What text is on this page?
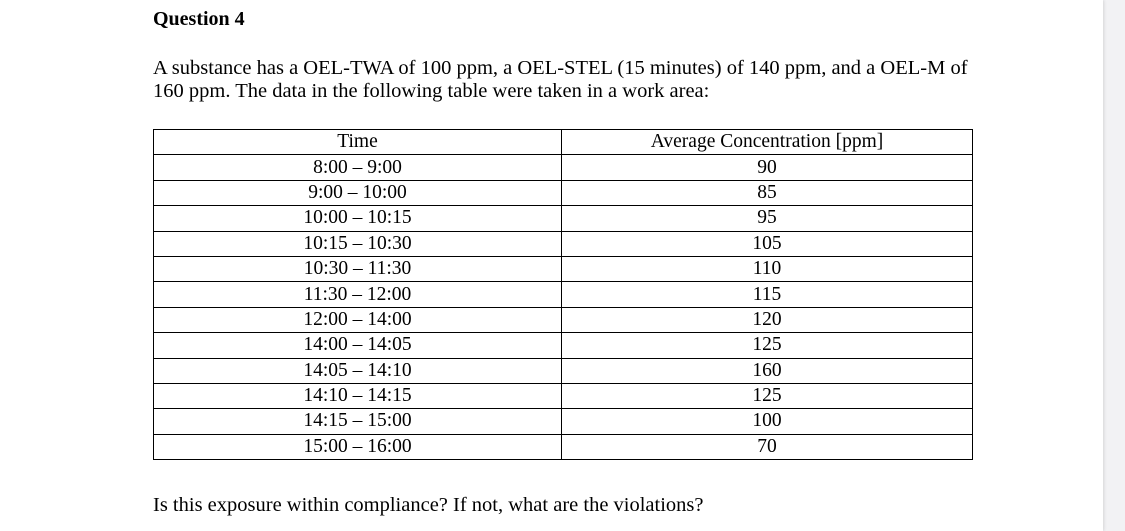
Question 4
A substance has a OEL-TWA of 100 ppm, a OEL-STEL (15 minutes) of 140 ppm, and a OEL-M of 160 ppm. The data in the following table were taken in a work area:
Time	Average Concentration [ppm]
8:00 – 9:00	90
9:00 – 10:00	85
10:00 – 10:15	95
10:15 – 10:30	105
10:30 – 11:30	110
11:30 – 12:00	115
12:00 – 14:00	120
14:00 – 14:05	125
14:05 – 14:10	160
14:10 – 14:15	125
14:15 – 15:00	100
15:00 – 16:00	70
Is this exposure within compliance? If not, what are the violations?
